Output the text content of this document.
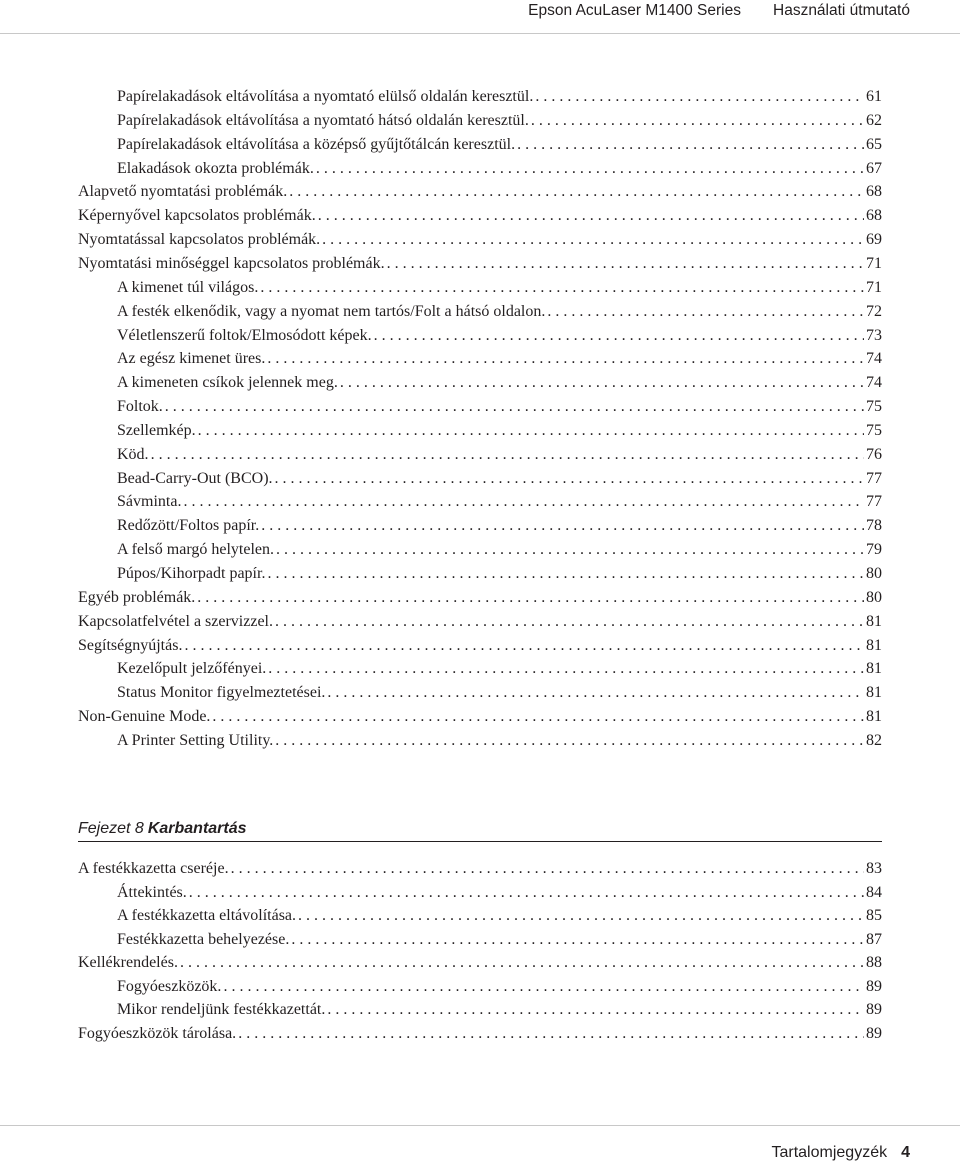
Epson AcuLaser M1400 Series Használati útmutató
Papírelakadások eltávolítása a nyomtató elülső oldalán keresztül. . . .	61
Papírelakadások eltávolítása a nyomtató hátsó oldalán keresztül. . . .	62
Papírelakadások eltávolítása a középső gyűjtőtálcán keresztül. . . .	65
Elakadások okozta problémák. . . .	67
Alapvető nyomtatási problémák. . . .	68
Képernyővel kapcsolatos problémák. . . .	68
Nyomtatással kapcsolatos problémák. . . .	69
Nyomtatási minőséggel kapcsolatos problémák. . . .	71
A kimenet túl világos. . . .	71
A festék elkenődik, vagy a nyomat nem tartós/Folt a hátsó oldalon. . . .	72
Véletlenszerű foltok/Elmosódott képek. . . .	73
Az egész kimenet üres. . . .	74
A kimeneten csíkok jelennek meg. . . .	74
Foltok. . . .	75
Szellemkép. . . .	75
Köd. . . .	76
Bead-Carry-Out (BCO). . . .	77
Sávminta. . . .	77
Redőzött/Foltos papír. . . .	78
A felső margó helytelen. . . .	79
Púpos/Kihorpadt papír. . . .	80
Egyéb problémák. . . .	80
Kapcsolatfelvétel a szervizzel. . . .	81
Segítségnyújtás. . . .	81
Kezelőpult jelzőfényei. . . .	81
Status Monitor figyelmeztetései. . . .	81
Non-Genuine Mode. . . .	81
A Printer Setting Utility. . . .	82
Fejezet 8 Karbantartás
A festékkazetta cseréje. . . .	83
Áttekintés. . . .	84
A festékkazetta eltávolítása. . . .	85
Festékkazetta behelyezése. . . .	87
Kellékrendelés. . . .	88
Fogyóeszközök. . . .	89
Mikor rendeljünk festékkazettát. . . .	89
Fogyóeszközök tárolása. . . .	89
Tartalomjegyzék 4
